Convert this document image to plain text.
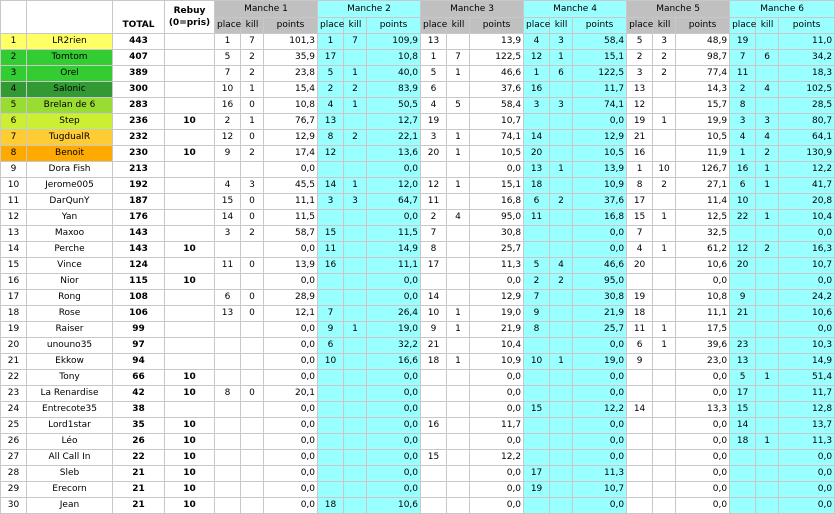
		TOTAL	Rebuy
(0=pris)	Manche 1			Manche 2			Manche 3			Manche 4			Manche 5			Manche 6		
				place	kill	points	place	kill	points	place	kill	points	place	kill	points	place	kill	points	place	kill	points
1	LR2rien	443		1	7	101,3	1	7	109,9	13		13,9	4	3	58,4	5	3	48,9	19		11,0
2	Tomtom	407		5	2	35,9	17		10,8	1	7	122,5	12	1	15,1	2	2	98,7	7	6	34,2
3	Orel	389		7	2	23,8	5	1	40,0	5	1	46,6	1	6	122,5	3	2	77,4	11		18,3
4	Salonic	300		10	1	15,4	2	2	83,9	6		37,6	16		11,7	13		14,3	2	4	102,5
5	Brelan de 6	283		16	0	10,8	4	1	50,5	4	5	58,4	3	3	74,1	12		15,7	8		28,5
6	Step	236	10	2	1	76,7	13		12,7	19		10,7			0,0	19	1	19,9	3	3	80,7
7	TugdualR	232		12	0	12,9	8	2	22,1	3	1	74,1	14		12,9	21		10,5	4	4	64,1
8	Benoit	230	10	9	2	17,4	12		13,6	20	1	10,5	20		10,5	16		11,9	1	2	130,9
9	Dora Fish	213				0,0			0,0			0,0	13	1	13,9	1	10	126,7	16	1	12,2
10	Jerome005	192		4	3	45,5	14	1	12,0	12	1	15,1	18		10,9	8	2	27,1	6	1	41,7
11	DarQunY	187		15	0	11,1	3	3	64,7	11		16,8	6	2	37,6	17		11,4	10		20,8
12	Yan	176		14	0	11,5			0,0	2	4	95,0	11		16,8	15	1	12,5	22	1	10,4
13	Maxoo	143		3	2	58,7	15		11,5	7		30,8			0,0	7		32,5			0,0
14	Perche	143	10			0,0	11		14,9	8		25,7			0,0	4	1	61,2	12	2	16,3
15	Vince	124		11	0	13,9	16		11,1	17		11,3	5	4	46,6	20		10,6	20		10,7
16	Nior	115	10			0,0			0,0			0,0	2	2	95,0			0,0			0,0
17	Rong	108		6	0	28,9			0,0	14		12,9	7		30,8	19		10,8	9		24,2
18	Rose	106		13	0	12,1	7		26,4	10	1	19,0	9		21,9	18		11,1	21		10,6
19	Raiser	99				0,0	9	1	19,0	9	1	21,9	8		25,7	11	1	17,5			0,0
20	unouno35	97				0,0	6		32,2	21		10,4			0,0	6	1	39,6	23		10,3
21	Ekkow	94				0,0	10		16,6	18	1	10,9	10	1	19,0	9		23,0	13		14,9
22	Tony	66	10			0,0			0,0			0,0			0,0			0,0	5	1	51,4
23	La Renardise	42	10	8	0	20,1			0,0			0,0			0,0			0,0	17		11,7
24	Entrecote35	38				0,0			0,0			0,0	15		12,2	14		13,3	15		12,8
25	Lord1star	35	10			0,0			0,0	16		11,7			0,0			0,0	14		13,7
26	Léo	26	10			0,0			0,0			0,0			0,0			0,0	18	1	11,3
27	All Call In	22	10			0,0			0,0	15		12,2			0,0			0,0			0,0
28	Sleb	21	10			0,0			0,0			0,0	17		11,3			0,0			0,0
29	Erecorn	21	10			0,0			0,0			0,0	19		10,7			0,0			0,0
30	Jean	21	10			0,0	18		10,6			0,0			0,0			0,0			0,0
